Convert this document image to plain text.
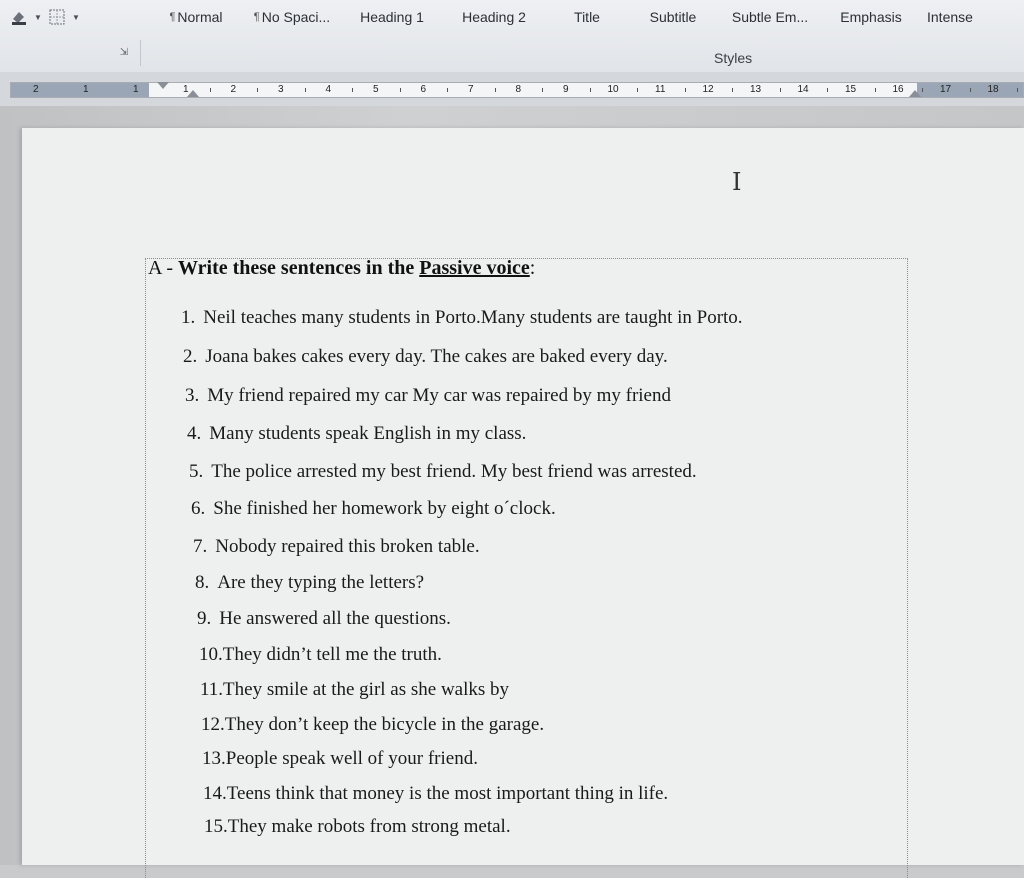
▼	▼	¶ Normal	¶ No Spaci... Heading 1	Heading 2	Title	Subtitle	Subtle Em... Emphasis Intense
⇲	Styles
2	1	1	1	2	3	4	5	6	7	8	9	10	11	12	13	14	15	16	17	18
I
A - Write these sentences in the Passive voice:
1. Neil teaches many students in Porto.Many students are taught in Porto.
2. Joana bakes cakes every day. The cakes are baked every day.
3. My friend repaired my car My car was repaired by my friend
4. Many students speak English in my class.
5. The police arrested my best friend. My best friend was arrested.
6. She finished her homework by eight o´clock.
7. Nobody repaired this broken table.
8. Are they typing the letters?
9. He answered all the questions.
10.They didn’t tell me the truth.
11.They smile at the girl as she walks by
12.They don’t keep the bicycle in the garage.
13.People speak well of your friend.
14.Teens think that money is the most important thing in life.
15.They make robots from strong metal.
